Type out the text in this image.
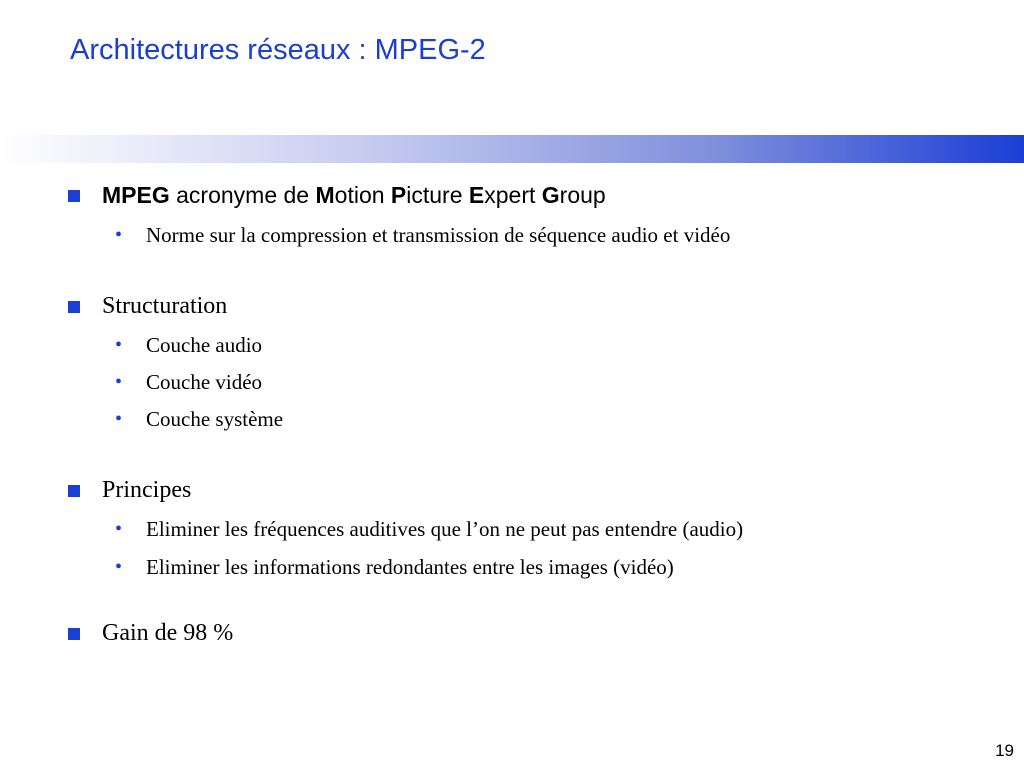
Architectures réseaux : MPEG-2
MPEG acronyme de Motion Picture Expert Group
• Norme sur la compression et transmission de séquence audio et vidéo
Structuration
• Couche audio
• Couche vidéo
• Couche système
Principes
• Eliminer les fréquences auditives que l’on ne peut pas entendre (audio)
• Eliminer les informations redondantes entre les images (vidéo)
Gain de 98 %
19
